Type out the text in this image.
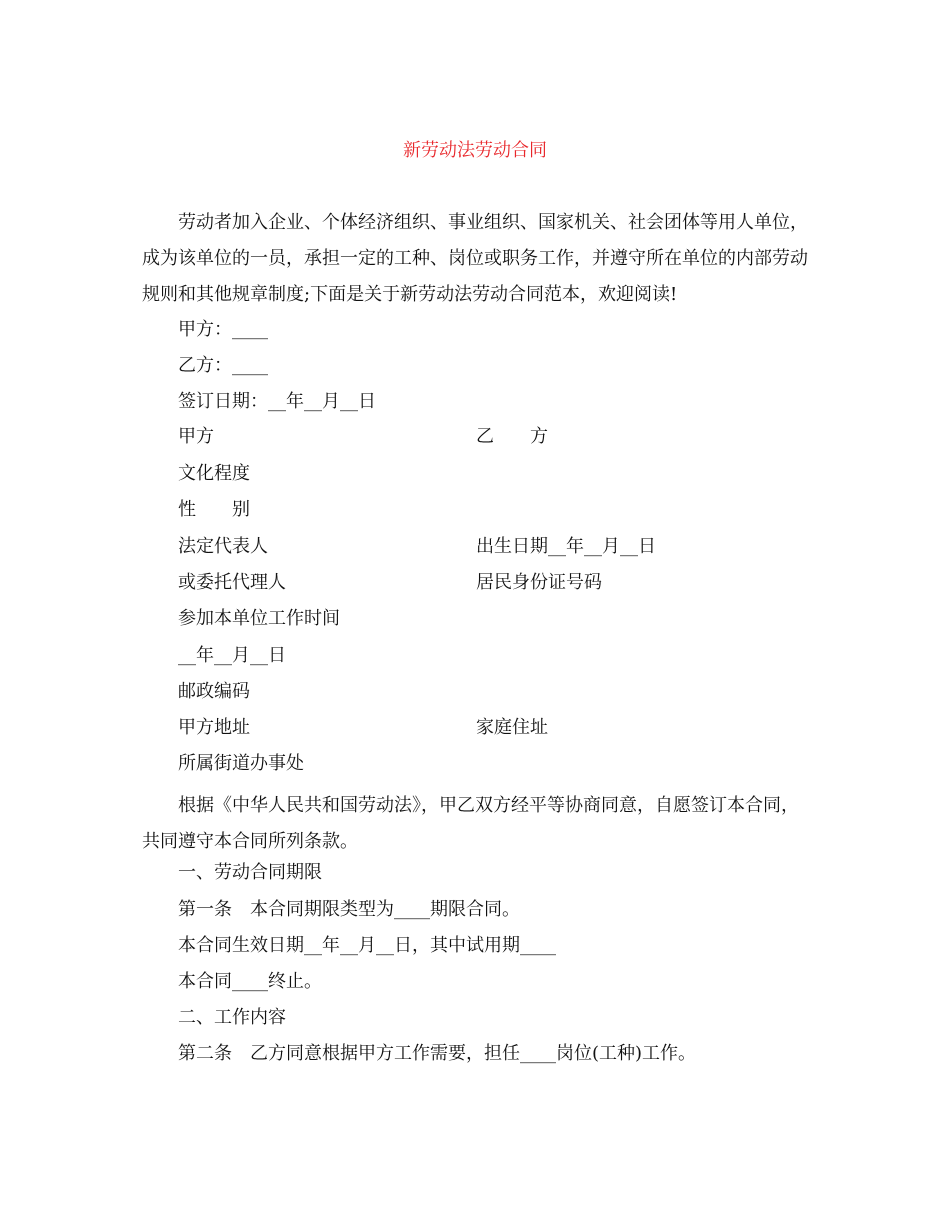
新劳动法劳动合同

劳动者加入企业、个体经济组织、事业组织、国家机关、社会团体等用人单位，成为该单位的一员，承担一定的工种、岗位或职务工作，并遵守所在单位的内部劳动规则和其他规章制度;下面是关于新劳动法劳动合同范本，欢迎阅读!

甲方：____
乙方：____
签订日期：__年__月__日
甲方	乙　　方
文化程度
性　　别
法定代表人	出生日期__年__月__日
或委托代理人	居民身份证号码
参加本单位工作时间
__年__月__日
邮政编码
甲方地址	家庭住址
所属街道办事处

根据《中华人民共和国劳动法》，甲乙双方经平等协商同意，自愿签订本合同，共同遵守本合同所列条款。

一、劳动合同期限
第一条　本合同期限类型为____期限合同。
本合同生效日期__年__月__日，其中试用期____
本合同____终止。
二、工作内容
第二条　乙方同意根据甲方工作需要，担任____岗位(工种)工作。
